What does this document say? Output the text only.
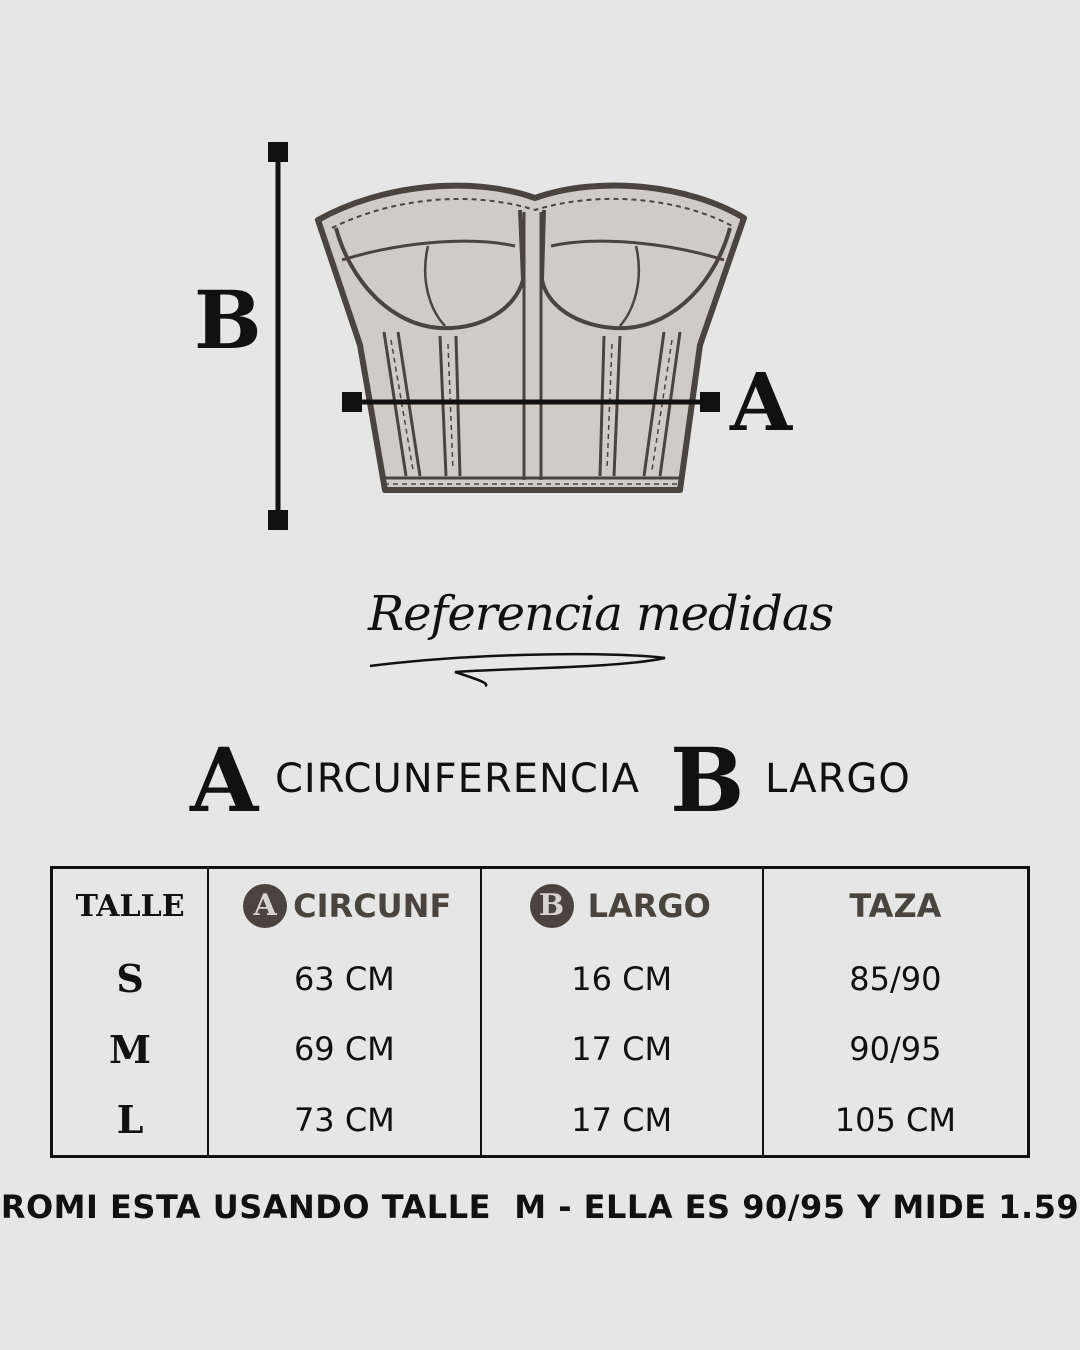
B
A
Referencia medidas
A CIRCUNFERENCIA B LARGO
TALLE	A CIRCUNF	B LARGO	TAZA
S	63 CM	16 CM	85/90
M	69 CM	17 CM	90/95
L	73 CM	17 CM	105 CM
ROMI ESTA USANDO TALLE  M - ELLA ES 90/95 Y MIDE 1.59
